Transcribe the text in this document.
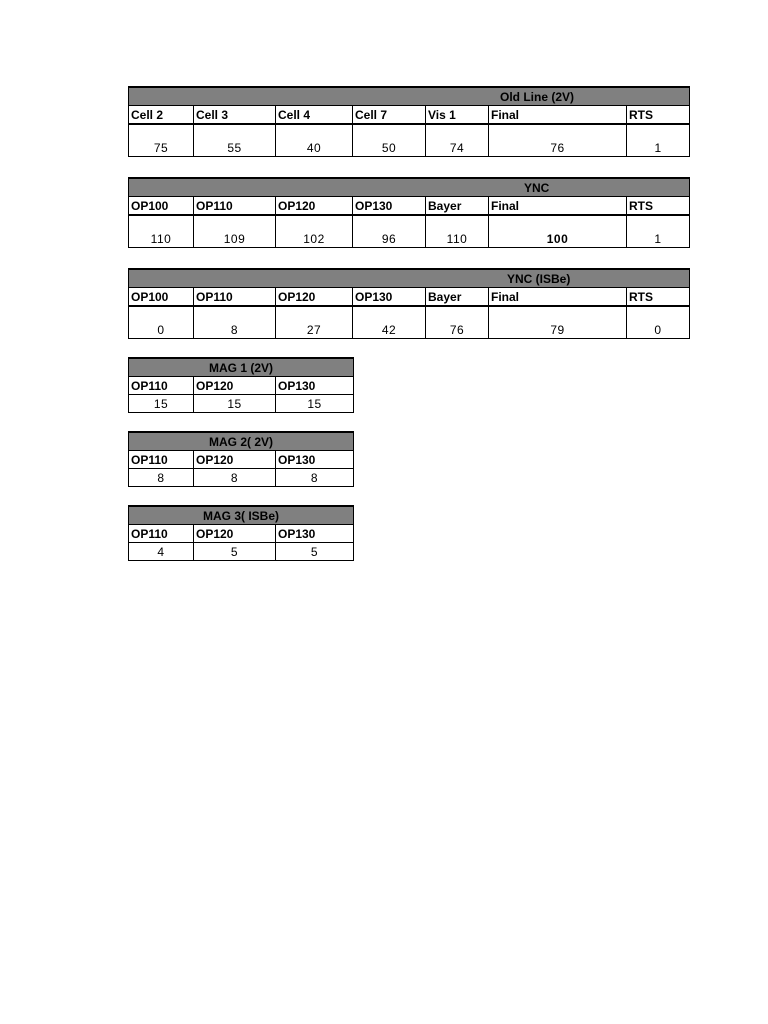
Old Line (2V)						
Cell 2	Cell 3	Cell 4	Cell 7	Vis 1	Final	RTS
75	55	40	50	74	76	1
YNC						
OP100	OP110	OP120	OP130	Bayer	Final	RTS
110	109	102	96	110	100	1
YNC (ISBe)						
OP100	OP110	OP120	OP130	Bayer	Final	RTS
0	8	27	42	76	79	0
MAG 1 (2V)		
OP110	OP120	OP130
15	15	15
MAG 2( 2V)		
OP110	OP120	OP130
8	8	8
MAG 3( ISBe)		
OP110	OP120	OP130
4	5	5
